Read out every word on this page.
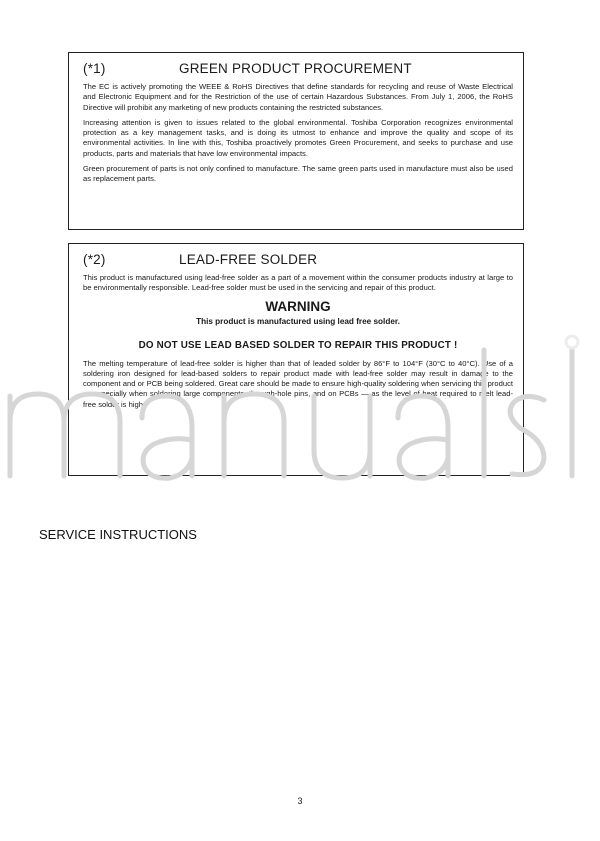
(*1)	GREEN PRODUCT PROCUREMENT

The EC is actively promoting the WEEE & RoHS Directives that define standards for recycling and reuse of Waste Electrical and Electronic Equipment and for the Restriction of the use of certain Hazardous Substances. From July 1, 2006, the RoHS Directive will prohibit any marketing of new products containing the restricted substances.

Increasing attention is given to issues related to the global environmental. Toshiba Corporation recognizes environmental protection as a key management tasks, and is doing its utmost to enhance and improve the quality and scope of its environmental activities. In line with this, Toshiba proactively promotes Green Procurement, and seeks to purchase and use products, parts and materials that have low environmental impacts.

Green procurement of parts is not only confined to manufacture. The same green parts used in manufacture must also be used as replacement parts.

(*2)	LEAD-FREE SOLDER

This product is manufactured using lead-free solder as a part of a movement within the consumer products industry at large to be environmentally responsible. Lead-free solder must be used in the servicing and repair of this product.

WARNING
This product is manufactured using lead free solder.
DO NOT USE LEAD BASED SOLDER TO REPAIR THIS PRODUCT !

The melting temperature of lead-free solder is higher than that of leaded solder by 86°F to 104°F (30°C to 40°C). Use of a soldering iron designed for lead-based solders to repair product made with lead-free solder may result in damage to the component and or PCB being soldered. Great care should be made to ensure high-quality soldering when servicing this product — especially when soldering large components, through-hole pins, and on PCBs — as the level of heat required to melt lead-free solder is high.

SERVICE INSTRUCTIONS
3
